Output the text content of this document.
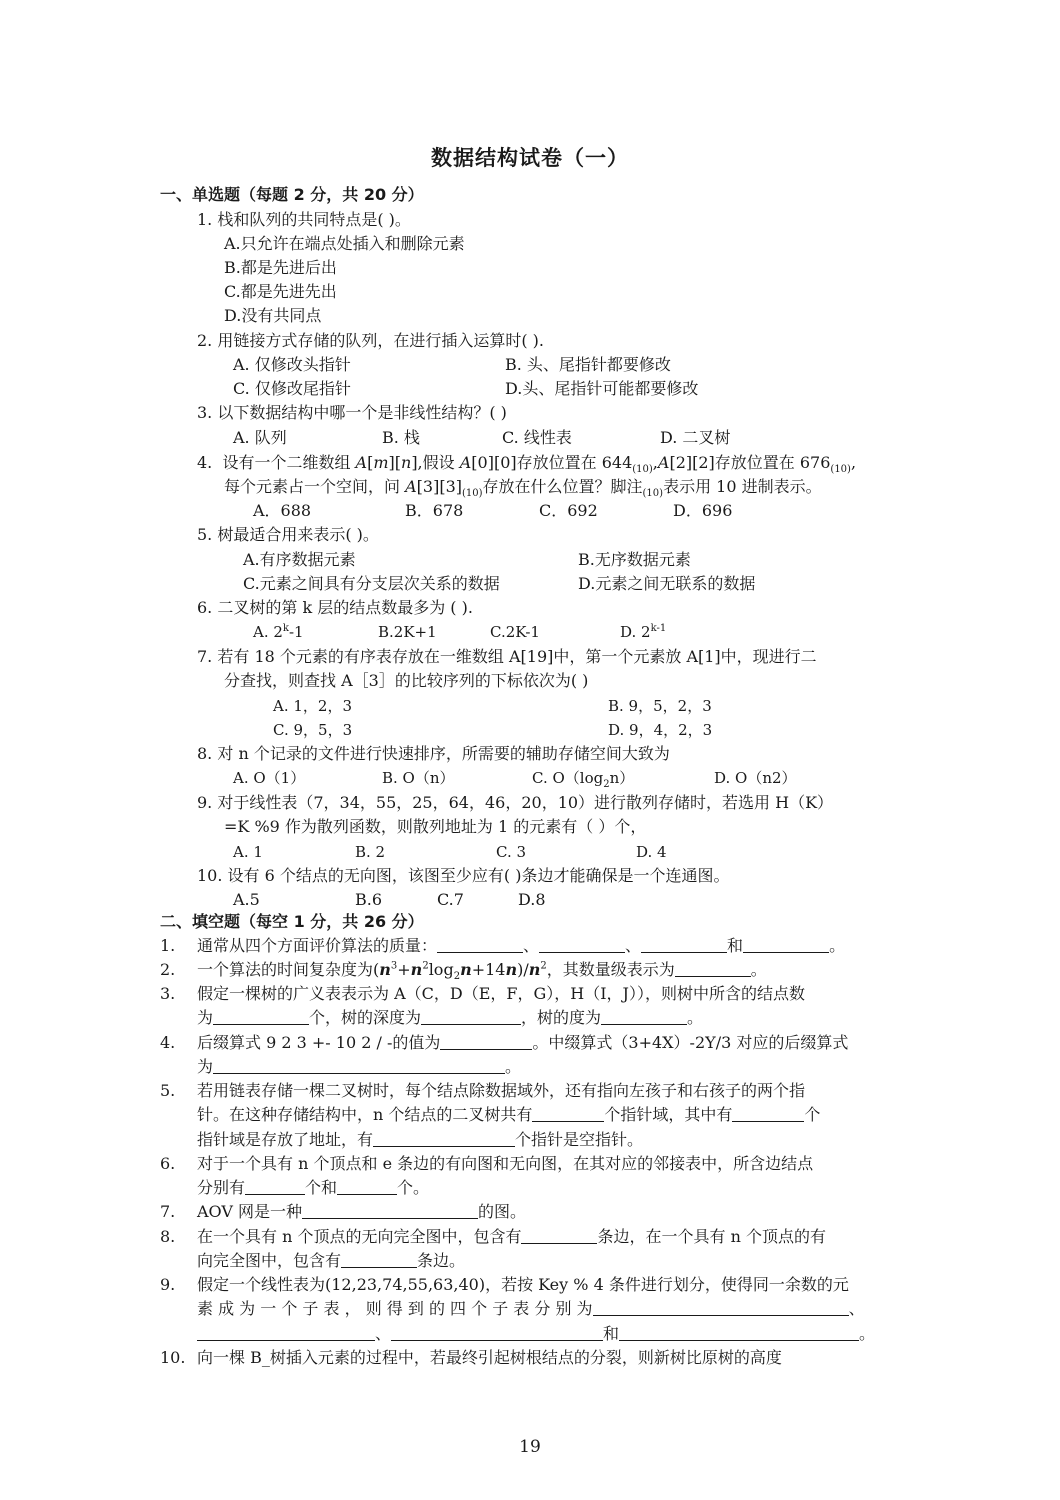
数据结构试卷（一）
一、单选题（每题 2 分，共 20 分）
1. 栈和队列的共同特点是( )。
A.只允许在端点处插入和删除元素
B.都是先进后出
C.都是先进先出
D.没有共同点
2. 用链接方式存储的队列，在进行插入运算时( ).
A. 仅修改头指针	B. 头、尾指针都要修改
C. 仅修改尾指针	D.头、尾指针可能都要修改
3. 以下数据结构中哪一个是非线性结构？( )
A. 队列	B. 栈	C. 线性表	D. 二叉树
4. 设有一个二维数组 A[m][n],假设 A[0][0]存放位置在 $644_{(10)},A[2][2]$存放位置在 $676_{(10)}$,
每个元素占一个空间，问 $A[3][3]_{(10)}$存放在什么位置？脚注$_{(10)}$表示用 10 进制表示。
A．688	B．678	C．692	D．696
5. 树最适合用来表示( )。
A.有序数据元素	B.无序数据元素
C.元素之间具有分支层次关系的数据	D.元素之间无联系的数据
6. 二叉树的第 k 层的结点数最多为 ( ).
A. 2$^k$-1	B.2K+1	C.2K-1	D. 2$^{k-1}$
7. 若有 18 个元素的有序表存放在一维数组 A[19]中，第一个元素放 A[1]中，现进行二
分查找，则查找 A［3］的比较序列的下标依次为( )
A. 1，2，3	B. 9，5，2，3
C. 9，5，3	D. 9，4，2，3
8. 对 n 个记录的文件进行快速排序，所需要的辅助存储空间大致为
A. O（1）	B. O（n）	C. $O(\log_2n)$	D. O（n2）
9. 对于线性表（7，34，55，25，64，46，20，10）进行散列存储时，若选用 H（K）
=K %9 作为散列函数，则散列地址为 1 的元素有（ ）个，
A. 1	B. 2	C. 3	D. 4
10. 设有 6 个结点的无向图，该图至少应有( )条边才能确保是一个连通图。
A.5	B.6	C.7	D.8
二、填空题（每空 1 分，共 26 分）
1. 通常从四个方面评价算法的质量：	、	、	和	。
2. 一个算法的时间复杂度为$(n^3+n^2\log_2n+14n)/n^2$，其数量级表示为	。
3. 假定一棵树的广义表表示为 A（C，D（E，F，G），H（I，J）），则树中所含的结点数
为	个，树的深度为	，树的度为	。
4. 后缀算式 9 2 3 +- 10 2 / -的值为	。中缀算式（3+4X）-2Y/3 对应的后缀算式
为	。
5. 若用链表存储一棵二叉树时，每个结点除数据域外，还有指向左孩子和右孩子的两个指
针。在这种存储结构中，n 个结点的二叉树共有	个指针域，其中有	个
指针域是存放了地址，有	个指针是空指针。
6. 对于一个具有 n 个顶点和 e 条边的有向图和无向图，在其对应的邻接表中，所含边结点
分别有	个和	个。
7. AOV 网是一种	的图。
8. 在一个具有 n 个顶点的无向完全图中，包含有	条边，在一个具有 n 个顶点的有
向完全图中，包含有	条边。
9. 假定一个线性表为(12,23,74,55,63,40)，若按 Key % 4 条件进行划分，使得同一余数的元
素 成 为 一 个 子 表 ， 则 得 到 的 四 个 子 表 分 别 为	、
、	和	。
10. 向一棵 B_树插入元素的过程中，若最终引起树根结点的分裂，则新树比原树的高度
19
